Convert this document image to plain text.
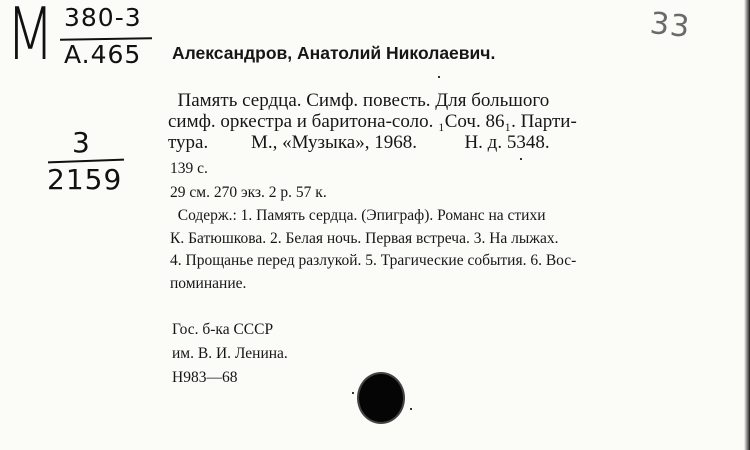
M 380-3
A.465
3
2159
33
Александров, Анатолий Николаевич.
Память сердца. Симф. повесть. Для большого
симф. оркестра и баритона-соло. ₁Соч. 86₁. Парти-
тура.         М., «Музыка», 1968.          Н. д. 5348.
139 с.
29 см. 270 экз. 2 р. 57 к.
Содерж.: 1. Память сердца. (Эпиграф). Романс на стихи
К. Батюшкова. 2. Белая ночь. Первая встреча. 3. На лыжах.
4. Прощанье перед разлукой. 5. Трагические события. 6. Вос-
поминание.
Гос. б-ка СССР
им. В. И. Ленина.
Н983—68
